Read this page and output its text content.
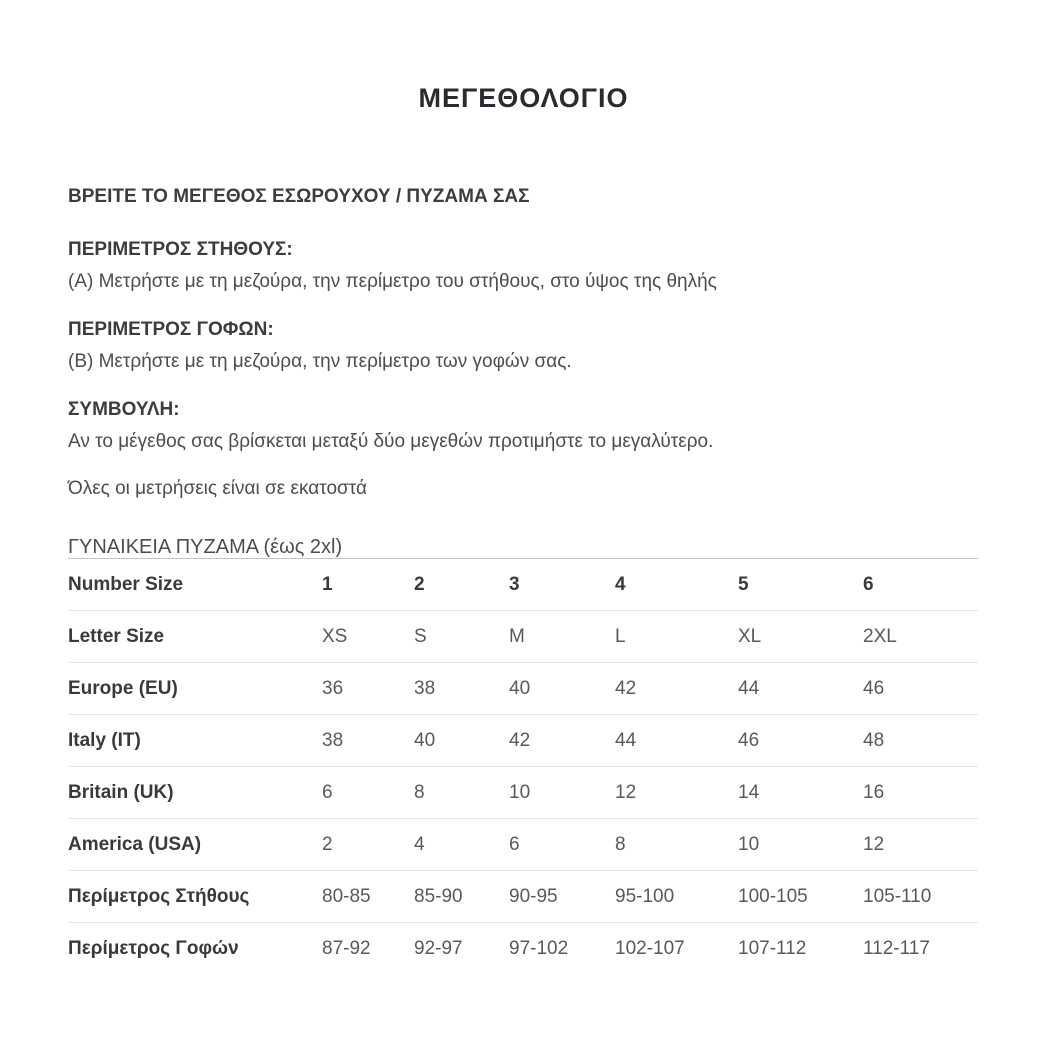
ΜΕΓΕΘΟΛΟΓΙΟ
ΒΡΕΙΤΕ ΤΟ ΜΕΓΕΘΟΣ ΕΣΩΡΟΥΧΟΥ / ΠΥΖΑΜΑ ΣΑΣ
ΠΕΡΙΜΕΤΡΟΣ ΣΤΗΘΟΥΣ:
(A) Μετρήστε με τη μεζούρα, την περίμετρο του στήθους, στο ύψος της θηλής
ΠΕΡΙΜΕΤΡΟΣ ΓΟΦΩΝ:
(B) Μετρήστε με τη μεζούρα, την περίμετρο των γοφών σας.
ΣΥΜΒΟΥΛΗ:
Αν το μέγεθος σας βρίσκεται μεταξύ δύο μεγεθών προτιμήστε το μεγαλύτερο.
Όλες οι μετρήσεις είναι σε εκατοστά
ΓΥΝΑΙΚΕΙΑ ΠΥΖΑΜΑ (έως 2xl)
Number Size	1	2	3	4	5	6
Letter Size	XS	S	M	L	XL	2XL
Europe (EU)	36	38	40	42	44	46
Italy (IT)	38	40	42	44	46	48
Britain (UK)	6	8	10	12	14	16
America (USA)	2	4	6	8	10	12
Περίμετρος Στήθους	80-85	85-90	90-95	95-100	100-105	105-110
Περίμετρος Γοφών	87-92	92-97	97-102	102-107	107-112	112-117
